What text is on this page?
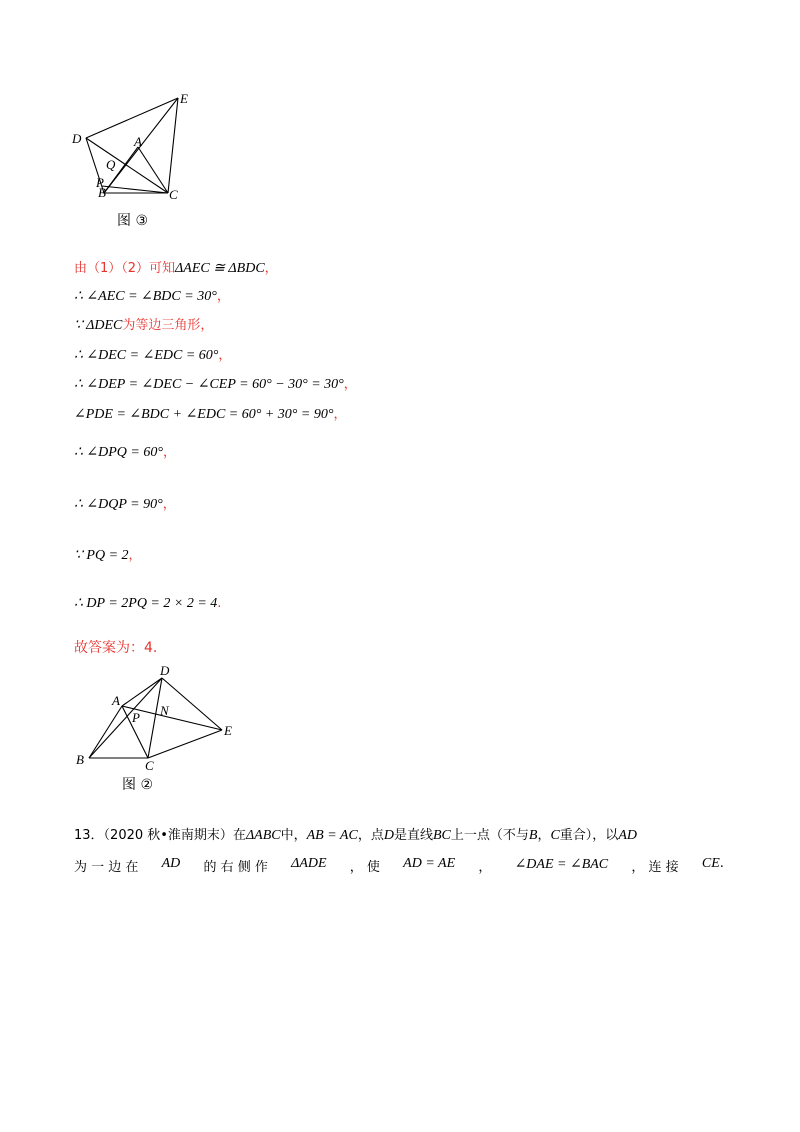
E
D	A
Q
P
B	C
图 ③
由（1）（2）可知ΔAEC ≅ ΔBDC，
∴ ∠AEC = ∠BDC = 30°，
∵ ΔDEC为等边三角形，
∴ ∠DEC = ∠EDC = 60°，
∴ ∠DEP = ∠DEC − ∠CEP = 60° − 30° = 30°，
∠PDE = ∠BDC + ∠EDC = 60° + 30° = 90°，
∴ ∠DPQ = 60°，
∴ ∠DQP = 90°，
∵ PQ = 2，
∴ DP = 2PQ = 2 × 2 = 4.
故答案为：4.
D
A
N
P
E
B	C
图 ②
13．（2020 秋•淮南期末）在ΔABC中，AB = AC，点D是直线BC上一点（不与B，C重合），以AD
为 一 边 在 AD 的 右 侧 作 ΔADE ， 使 AD = AE ， ∠DAE = ∠BAC ， 连 接 CE.
